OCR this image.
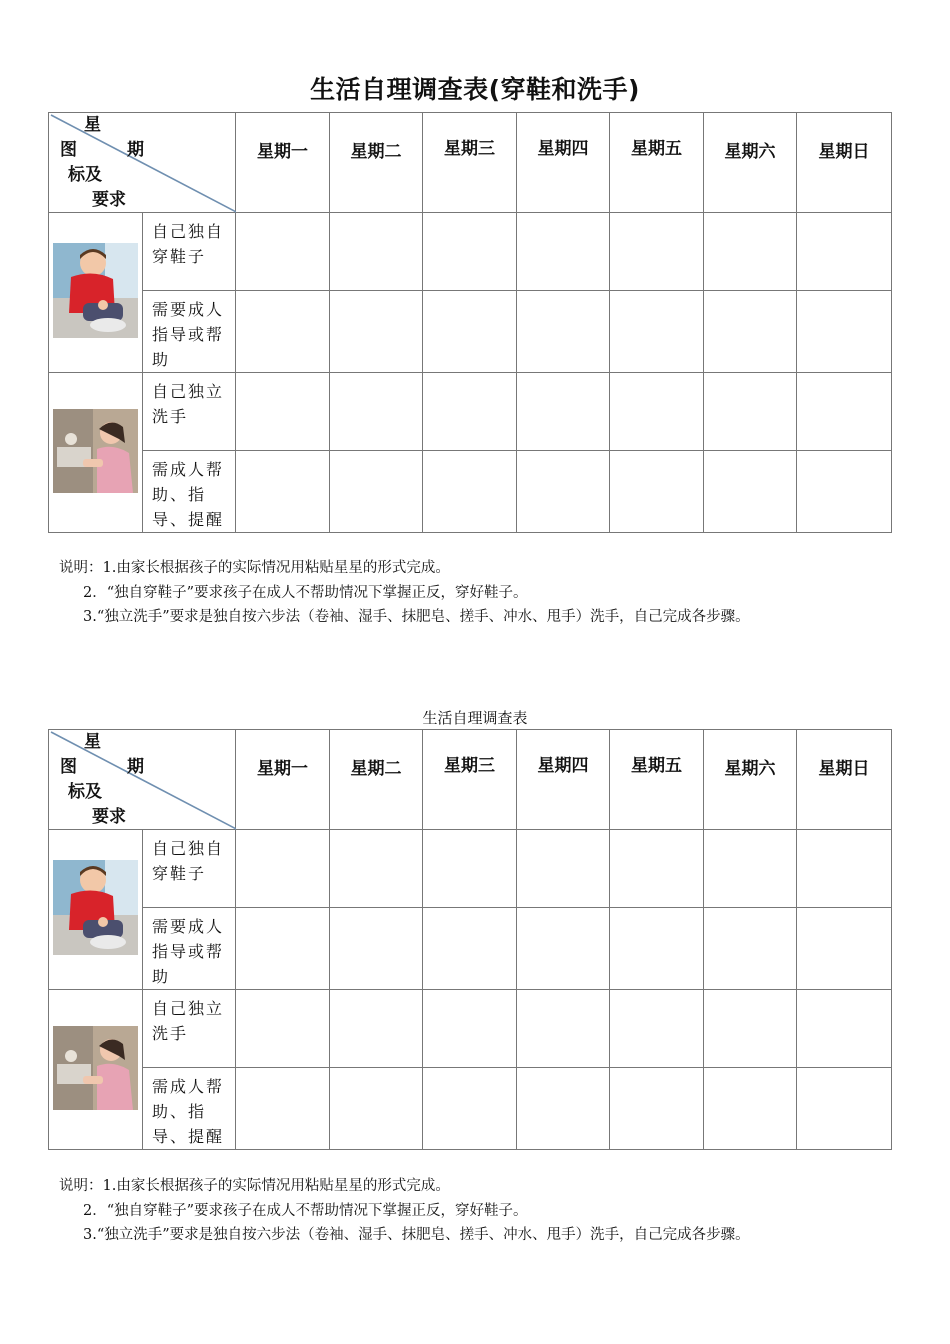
生活自理调查表(穿鞋和洗手)
星
图 期
标及
要求		星期一	星期二	星期三	星期四	星期五	星期六	星期日

	自己独自穿鞋子							
	需要成人指导或帮助							
	自己独立洗手							
	需成人帮助、指导、提醒							
说明：1.由家长根据孩子的实际情况用粘贴星星的形式完成。
2．“独自穿鞋子”要求孩子在成人不帮助情况下掌握正反，穿好鞋子。
3.“独立洗手”要求是独自按六步法（卷袖、湿手、抹肥皂、搓手、冲水、甩手）洗手，自己完成各步骤。
生活自理调查表
星
图 期
标及
要求		星期一	星期二	星期三	星期四	星期五	星期六	星期日

	自己独自穿鞋子							
	需要成人指导或帮助							
	自己独立洗手							
	需成人帮助、指导、提醒							
说明：1.由家长根据孩子的实际情况用粘贴星星的形式完成。
2．“独自穿鞋子”要求孩子在成人不帮助情况下掌握正反，穿好鞋子。
3.“独立洗手”要求是独自按六步法（卷袖、湿手、抹肥皂、搓手、冲水、甩手）洗手，自己完成各步骤。
